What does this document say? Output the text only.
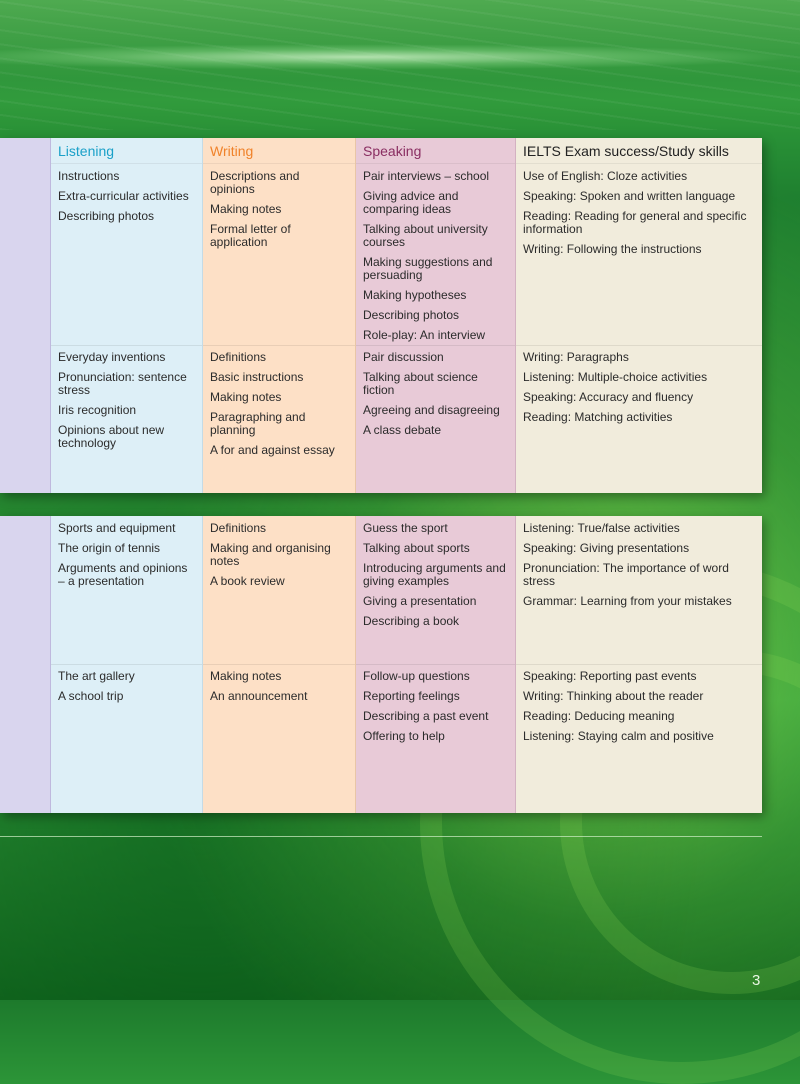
Listening
Instructions
Extra-curricular activities
Describing photos
Everyday inventions
Pronunciation: sentence stress
Iris recognition
Opinions about new technology
Writing
Descriptions and opinions
Making notes
Formal letter of application
Definitions
Basic instructions
Making notes
Paragraphing and planning
A for and against essay
Speaking
Pair interviews – school
Giving advice and comparing ideas
Talking about university courses
Making suggestions and persuading
Making hypotheses
Describing photos
Role-play: An interview
Pair discussion
Talking about science fiction
Agreeing and disagreeing
A class debate
IELTS Exam success/Study skills
Use of English: Cloze activities
Speaking: Spoken and written language
Reading: Reading for general and specific information
Writing: Following the instructions
Writing: Paragraphs
Listening: Multiple-choice activities
Speaking: Accuracy and fluency
Reading: Matching activities
Sports and equipment
The origin of tennis
Arguments and opinions – a presentation
The art gallery
A school trip
Definitions
Making and organising notes
A book review
Making notes
An announcement
Guess the sport
Talking about sports
Introducing arguments and giving examples
Giving a presentation
Describing a book
Follow-up questions
Reporting feelings
Describing a past event
Offering to help
Listening: True/false activities
Speaking: Giving presentations
Pronunciation: The importance of word stress
Grammar: Learning from your mistakes
Speaking: Reporting past events
Writing: Thinking about the reader
Reading: Deducing meaning
Listening: Staying calm and positive
3
